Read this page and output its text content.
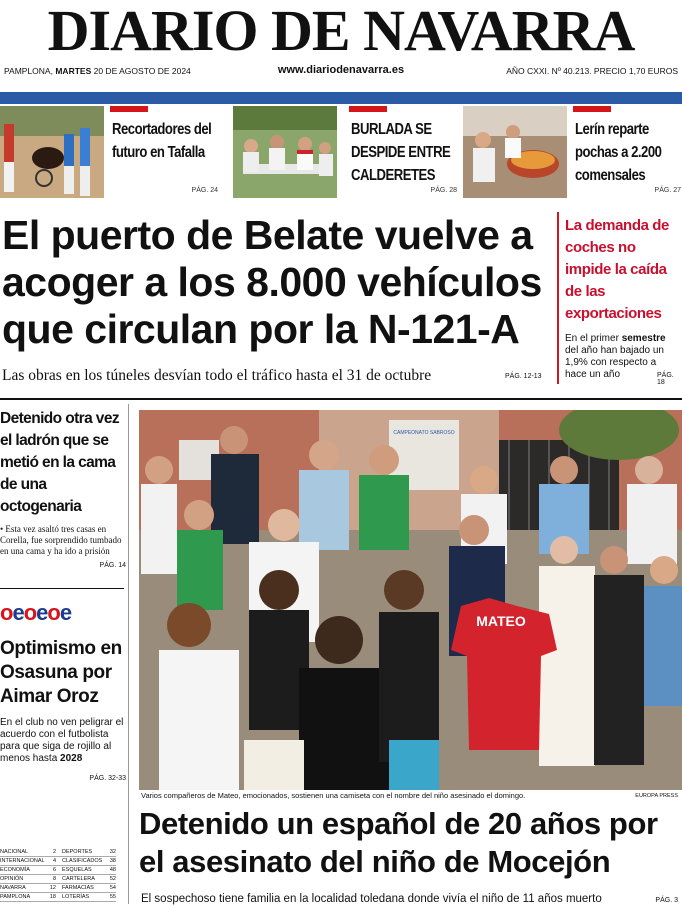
DIARIO DE NAVARRA
PAMPLONA, MARTES 20 DE AGOSTO DE 2024	www.diariodenavarra.es	AÑO CXXI. Nº 40.213. PRECIO 1,70 EUROS
Recortadores del futuro en Tafalla
PÁG. 24
BURLADA SE DESPIDE ENTRE CALDERETES
PÁG. 28
Lerín reparte pochas a 2.200 comensales
PÁG. 27
El puerto de Belate vuelve a acoger a los 8.000 vehículos que circulan por la N-121-A
Las obras en los túneles desvían todo el tráfico hasta el 31 de octubre	PÁG. 12-13
La demanda de coches no impide la caída de las exportaciones
En el primer semestre del año han bajado un 1,9% con respecto a hace un año	PÁG. 18
Detenido otra vez el ladrón que se metió en la cama de una octogenaria
• Esta vez asaltó tres casas en Corella, fue sorprendido tumbado en una cama y ha ido a prisión
PÁG. 14
oeoeoe
Optimismo en Osasuna por Aimar Oroz
En el club no ven peligrar el acuerdo con el futbolista para que siga de rojillo al menos hasta 2028
PÁG. 32-33
NACIONAL	2 DEPORTES	32
INTERNACIONAL	4 CLASIFICADOS	38
ECONOMÍA	6 ESQUELAS	48
OPINIÓN	8 CARTELERA	52
NAVARRA	12 FARMACIAS	54
PAMPLONA	18 LOTERÍAS	55
CAMPEONATO SABROSO
MATEO
Varios compañeros de Mateo, emocionados, sostienen una camiseta con el nombre del niño asesinado el domingo.	EUROPA PRESS
Detenido un español de 20 años por el asesinato del niño de Mocejón
El sospechoso tiene familia en la localidad toledana donde vivía el niño de 11 años muerto	PÁG. 3
